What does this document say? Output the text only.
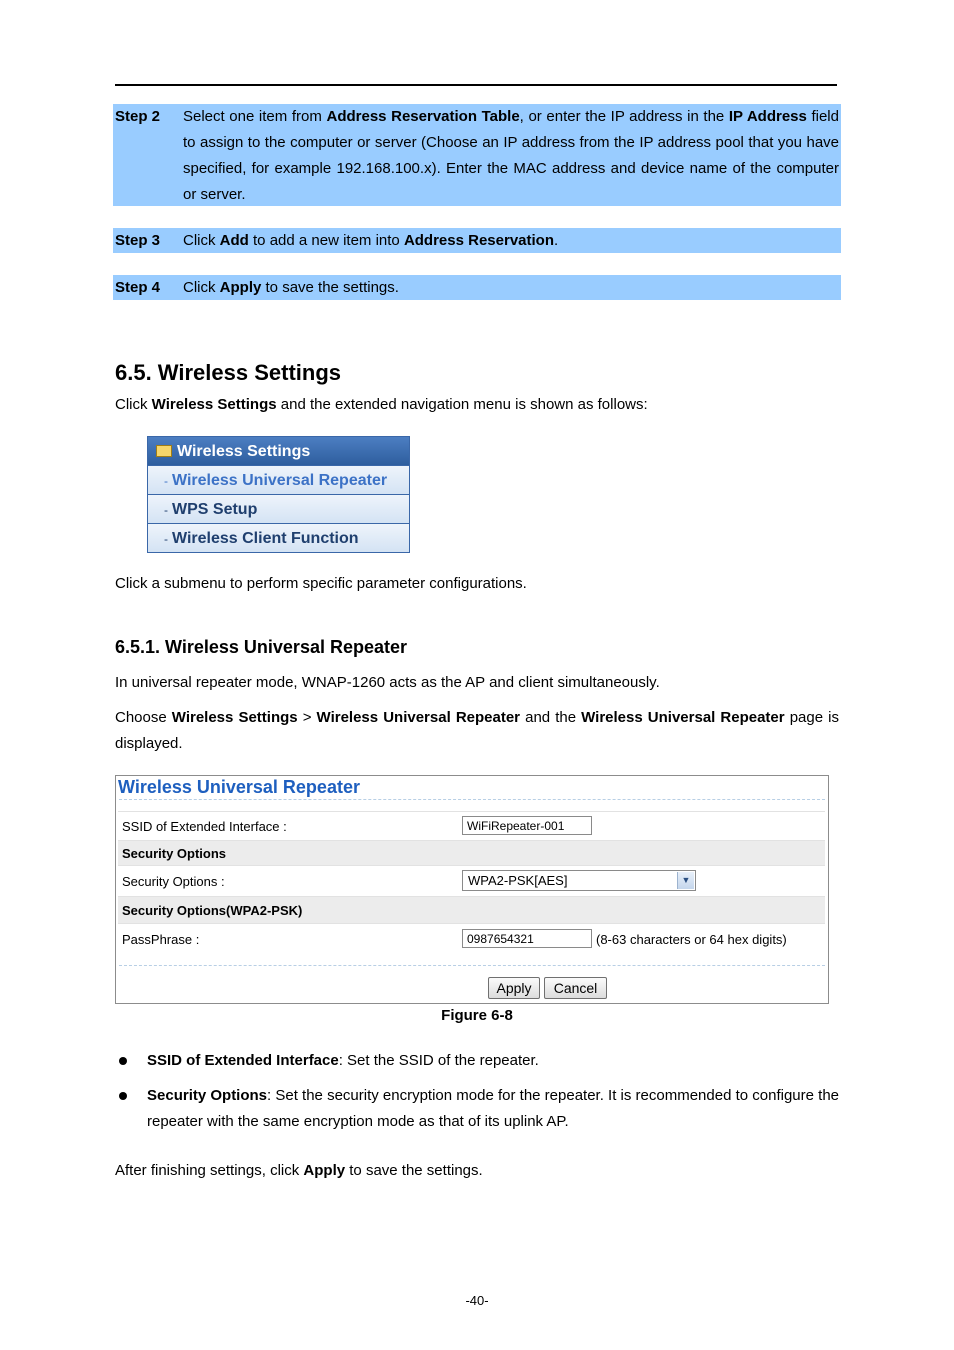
Step 2 Select one item from Address Reservation Table, or enter the IP address in the IP Address field to assign to the computer or server (Choose an IP address from the IP address pool that you have specified, for example 192.168.100.x). Enter the MAC address and device name of the computer or server.
Step 3 Click Add to add a new item into Address Reservation.
Step 4 Click Apply to save the settings.
6.5. Wireless Settings
Click Wireless Settings and the extended navigation menu is shown as follows:
Wireless Settings
- Wireless Universal Repeater
- WPS Setup
- Wireless Client Function
Click a submenu to perform specific parameter configurations.
6.5.1. Wireless Universal Repeater
In universal repeater mode, WNAP-1260 acts as the AP and client simultaneously.
Choose Wireless Settings > Wireless Universal Repeater and the Wireless Universal Repeater page is displayed.
Wireless Universal Repeater
SSID of Extended Interface :	WiFiRepeater-001
Security Options
Security Options :	WPA2-PSK[AES]	▼
Security Options(WPA2-PSK)
PassPhrase :	0987654321	(8-63 characters or 64 hex digits)
Apply	Cancel
Figure 6-8
SSID of Extended Interface: Set the SSID of the repeater.
Security Options: Set the security encryption mode for the repeater. It is recommended to configure the repeater with the same encryption mode as that of its uplink AP.
After finishing settings, click Apply to save the settings.
-40-
